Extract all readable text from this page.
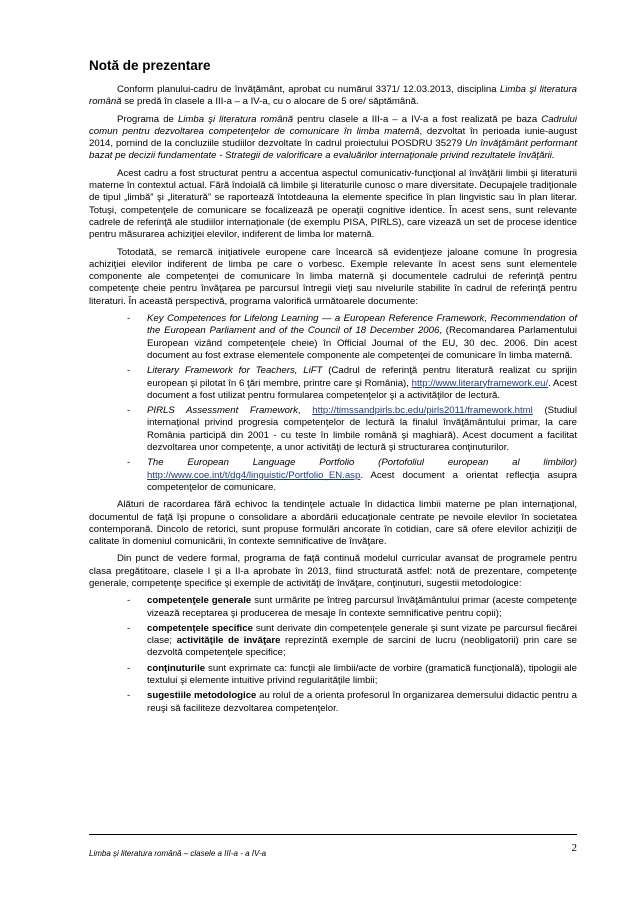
Notă de prezentare

Conform planului-cadru de învăţământ, aprobat cu numărul 3371/ 12.03.2013, disciplina Limba şi literatura română se predă în clasele a III-a – a IV-a, cu o alocare de 5 ore/ săptămână.

Programa de Limba şi literatura română pentru clasele a III-a – a IV-a a fost realizată pe baza Cadrului comun pentru dezvoltarea competenţelor de comunicare în limba maternă, dezvoltat în perioada iunie-august 2014, pornind de la concluziile studiilor dezvoltate în cadrul proiectului POSDRU 35279 Un învăţământ performant bazat pe decizii fundamentate - Strategii de valorificare a evaluărilor internaţionale privind rezultatele învăţării.

Acest cadru a fost structurat pentru a accentua aspectul comunicativ-funcţional al învăţării limbii şi literaturii materne în contextul actual. Fără îndoială că limbile şi literaturile cunosc o mare diversitate. Decupajele tradiţionale de tipul „limbă” şi „literatură” se raportează întotdeauna la elemente specifice în plan lingvistic sau în plan literar. Totuşi, competenţele de comunicare se focalizează pe operaţii cognitive identice. În acest sens, sunt relevante cadrele de referinţă ale studiilor internaţionale (de exemplu PISA, PIRLS), care vizează un set de procese identice pentru măsurarea achiziţiei elevilor, indiferent de limba lor maternă.

Totodată, se remarcă iniţiativele europene care încearcă să evidenţieze jaloane comune în progresia achiziţiei elevilor indiferent de limba pe care o vorbesc. Exemple relevante în acest sens sunt elementele componente ale competenţei de comunicare în limba maternă şi documentele cadrului de referinţă pentru competenţe cheie pentru învăţarea pe parcursul întregii vieţi sau nivelurile stabilite în cadrul de referinţă pentru literaturi. În această perspectivă, programa valorifică următoarele documente:

- Key Competences for Lifelong Learning — a European Reference Framework, Recommendation of the European Parliament and of the Council of 18 December 2006, (Recomandarea Parlamentului European vizând competenţele cheie) în Official Journal of the EU, 30 dec. 2006. Din acest document au fost extrase elementele componente ale competenţei de comunicare în limba maternă.
- Literary Framework for Teachers, LiFT (Cadrul de referinţă pentru literatură realizat cu sprijin european şi pilotat în 6 ţări membre, printre care şi România), http://www.literaryframework.eu/. Acest document a fost utilizat pentru formularea competenţelor şi a activităţilor de lectură.
- PIRLS Assessment Framework, http://timssandpirls.bc.edu/pirls2011/framework.html (Studiul internaţional privind progresia competenţelor de lectură la finalul învăţământului primar, la care România participă din 2001 - cu teste în limbile română şi maghiară). Acest document a facilitat dezvoltarea unor competenţe, a unor activităţi de lectură şi structurarea conţinuturilor.
- The European Language Portfolio (Portofoliul european al limbilor) http://www.coe.int/t/dg4/linguistic/Portfolio_EN.asp. Acest document a orientat reflecţia asupra competenţelor de comunicare.

Alături de racordarea fără echivoc la tendinţele actuale în didactica limbii materne pe plan internaţional, documentul de faţă îşi propune o consolidare a abordării educaţionale centrate pe nevoile elevilor în societatea contemporană. Dincolo de retorici, sunt propuse formulări ancorate în cotidian, care să ofere elevilor achiziţii de calitate în domeniul comunicării, în contexte semnificative de învăţare.

Din punct de vedere formal, programa de faţă continuă modelul curricular avansat de programele pentru clasa pregătitoare, clasele I şi a II-a aprobate în 2013, fiind structurată astfel: notă de prezentare, competenţe generale, competenţe specifice şi exemple de activităţi de învăţare, conţinuturi, sugestii metodologice:

- competenţele generale sunt urmărite pe întreg parcursul învăţământului primar (aceste competenţe vizează receptarea şi producerea de mesaje în contexte semnificative pentru copii);
- competenţele specifice sunt derivate din competenţele generale şi sunt vizate pe parcursul fiecărei clase; activităţile de învăţare reprezintă exemple de sarcini de lucru (neobligatorii) prin care se dezvoltă competenţele specifice;
- conţinuturile sunt exprimate ca: funcţii ale limbii/acte de vorbire (gramatică funcţională), tipologii ale textului şi elemente intuitive privind regularităţile limbii;
- sugestiile metodologice au rolul de a orienta profesorul în organizarea demersului didactic pentru a reuşi să faciliteze dezvoltarea competenţelor.
Limba şi literatura română – clasele a III-a - a IV-a	2
